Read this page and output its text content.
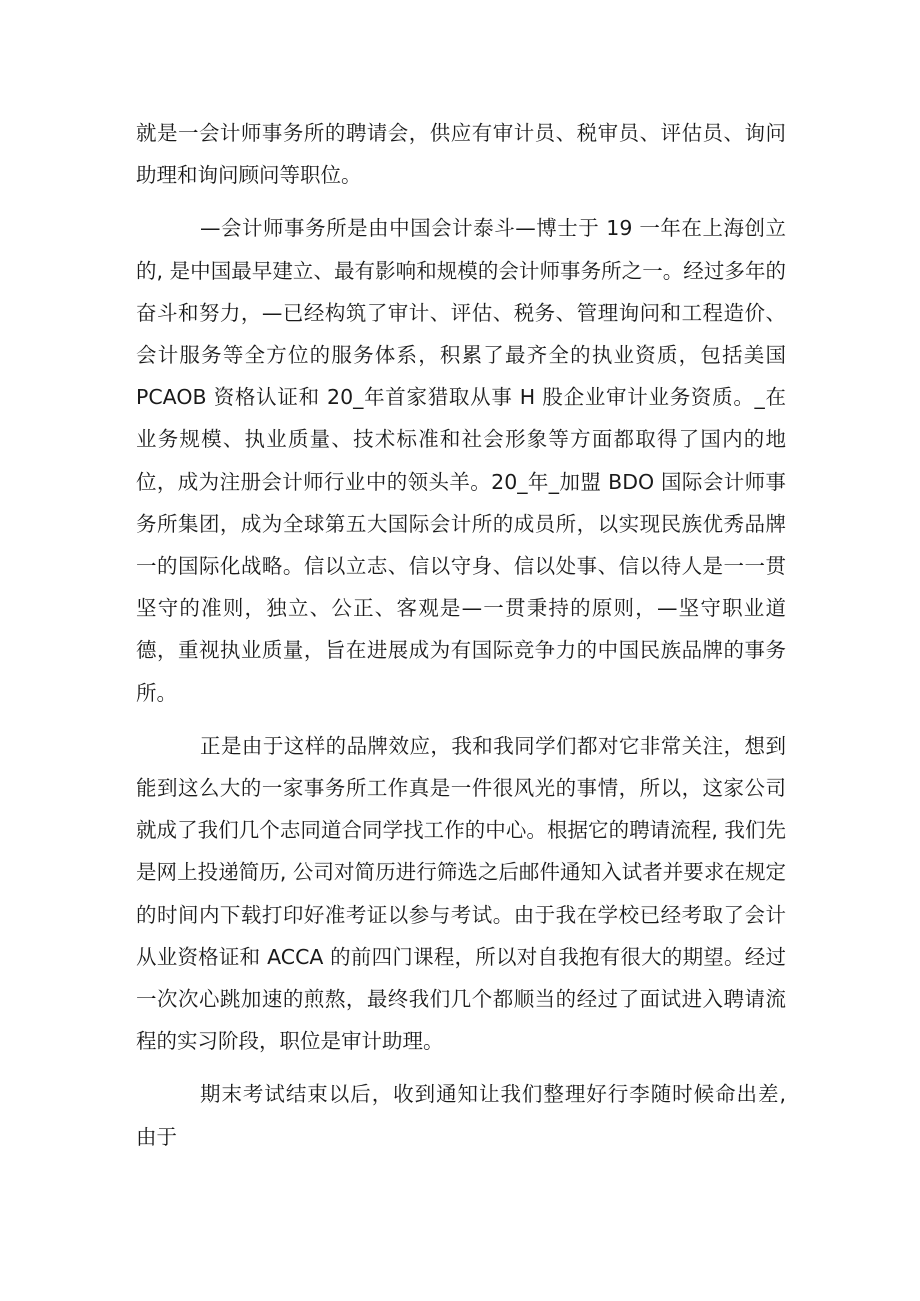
就是一会计师事务所的聘请会，供应有审计员、税审员、评估员、询问助理和询问顾问等职位。

—会计师事务所是由中国会计泰斗—博士于 19 一年在上海创立的, 是中国最早建立、最有影响和规模的会计师事务所之一。经过多年的奋斗和努力，—已经构筑了审计、评估、税务、管理询问和工程造价、会计服务等全方位的服务体系，积累了最齐全的执业资质，包括美国 PCAOB 资格认证和 20_年首家猎取从事 H 股企业审计业务资质。_在业务规模、执业质量、技术标准和社会形象等方面都取得了国内的地位，成为注册会计师行业中的领头羊。20_年_加盟 BDO 国际会计师事务所集团，成为全球第五大国际会计所的成员所，以实现民族优秀品牌一的国际化战略。信以立志、信以守身、信以处事、信以待人是一一贯坚守的准则，独立、公正、客观是—一贯秉持的原则，—坚守职业道德，重视执业质量，旨在进展成为有国际竞争力的中国民族品牌的事务所。

正是由于这样的品牌效应，我和我同学们都对它非常关注，想到能到这么大的一家事务所工作真是一件很风光的事情，所以，这家公司就成了我们几个志同道合同学找工作的中心。根据它的聘请流程, 我们先是网上投递简历, 公司对简历进行筛选之后邮件通知入试者并要求在规定的时间内下载打印好准考证以参与考试。由于我在学校已经考取了会计从业资格证和 ACCA 的前四门课程，所以对自我抱有很大的期望。经过一次次心跳加速的煎熬，最终我们几个都顺当的经过了面试进入聘请流程的实习阶段，职位是审计助理。

期末考试结束以后，收到通知让我们整理好行李随时候命出差, 由于
